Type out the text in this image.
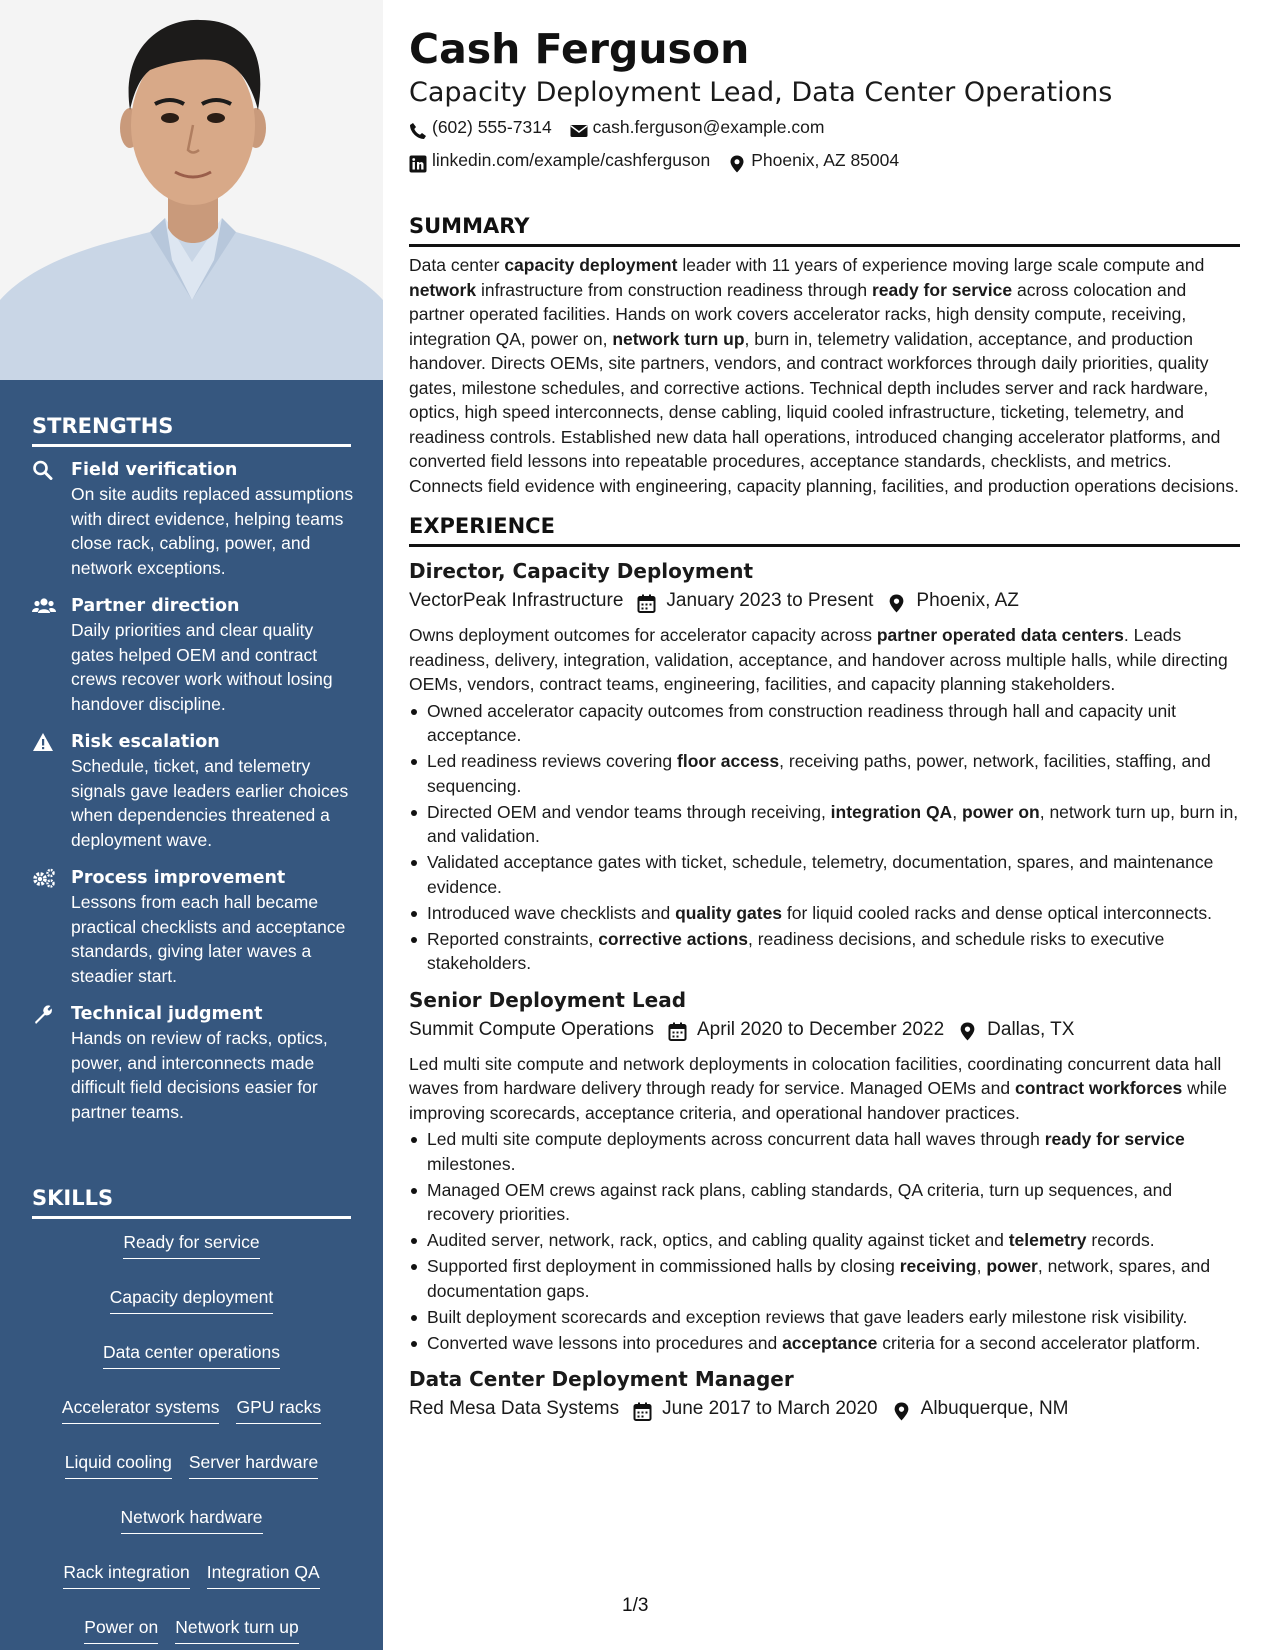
STRENGTHS
Field verification
On site audits replaced assumptions with direct evidence, helping teams close rack, cabling, power, and network exceptions.
Partner direction
Daily priorities and clear quality gates helped OEM and contract crews recover work without losing handover discipline.
Risk escalation
Schedule, ticket, and telemetry signals gave leaders earlier choices when dependencies threatened a deployment wave.
Process improvement
Lessons from each hall became practical checklists and acceptance standards, giving later waves a steadier start.
Technical judgment
Hands on review of racks, optics, power, and interconnects made difficult field decisions easier for partner teams.
SKILLS
Ready for service
Capacity deployment
Data center operations
Accelerator systems GPU racks
Liquid cooling Server hardware
Network hardware
Rack integration Integration QA
Power on Network turn up
Cash Ferguson
Capacity Deployment Lead, Data Center Operations
(602) 555-7314 cash.ferguson@example.com
linkedin.com/example/cashferguson Phoenix, AZ 85004
SUMMARY
Data center capacity deployment leader with 11 years of experience moving large scale compute and network infrastructure from construction readiness through ready for service across colocation and partner operated facilities. Hands on work covers accelerator racks, high density compute, receiving, integration QA, power on, network turn up, burn in, telemetry validation, acceptance, and production handover. Directs OEMs, site partners, vendors, and contract workforces through daily priorities, quality gates, milestone schedules, and corrective actions. Technical depth includes server and rack hardware, optics, high speed interconnects, dense cabling, liquid cooled infrastructure, ticketing, telemetry, and readiness controls. Established new data hall operations, introduced changing accelerator platforms, and converted field lessons into repeatable procedures, acceptance standards, checklists, and metrics. Connects field evidence with engineering, capacity planning, facilities, and production operations decisions.
EXPERIENCE
Director, Capacity Deployment
VectorPeak Infrastructure January 2023 to Present Phoenix, AZ
Owns deployment outcomes for accelerator capacity across partner operated data centers. Leads readiness, delivery, integration, validation, acceptance, and handover across multiple halls, while directing OEMs, vendors, contract teams, engineering, facilities, and capacity planning stakeholders.
Owned accelerator capacity outcomes from construction readiness through hall and capacity unit acceptance.
Led readiness reviews covering floor access, receiving paths, power, network, facilities, staffing, and sequencing.
Directed OEM and vendor teams through receiving, integration QA, power on, network turn up, burn in, and validation.
Validated acceptance gates with ticket, schedule, telemetry, documentation, spares, and maintenance evidence.
Introduced wave checklists and quality gates for liquid cooled racks and dense optical interconnects.
Reported constraints, corrective actions, readiness decisions, and schedule risks to executive stakeholders.
Senior Deployment Lead
Summit Compute Operations April 2020 to December 2022 Dallas, TX
Led multi site compute and network deployments in colocation facilities, coordinating concurrent data hall waves from hardware delivery through ready for service. Managed OEMs and contract workforces while improving scorecards, acceptance criteria, and operational handover practices.
Led multi site compute deployments across concurrent data hall waves through ready for service milestones.
Managed OEM crews against rack plans, cabling standards, QA criteria, turn up sequences, and recovery priorities.
Audited server, network, rack, optics, and cabling quality against ticket and telemetry records.
Supported first deployment in commissioned halls by closing receiving, power, network, spares, and documentation gaps.
Built deployment scorecards and exception reviews that gave leaders early milestone risk visibility.
Converted wave lessons into procedures and acceptance criteria for a second accelerator platform.
Data Center Deployment Manager
Red Mesa Data Systems June 2017 to March 2020 Albuquerque, NM
1/3
